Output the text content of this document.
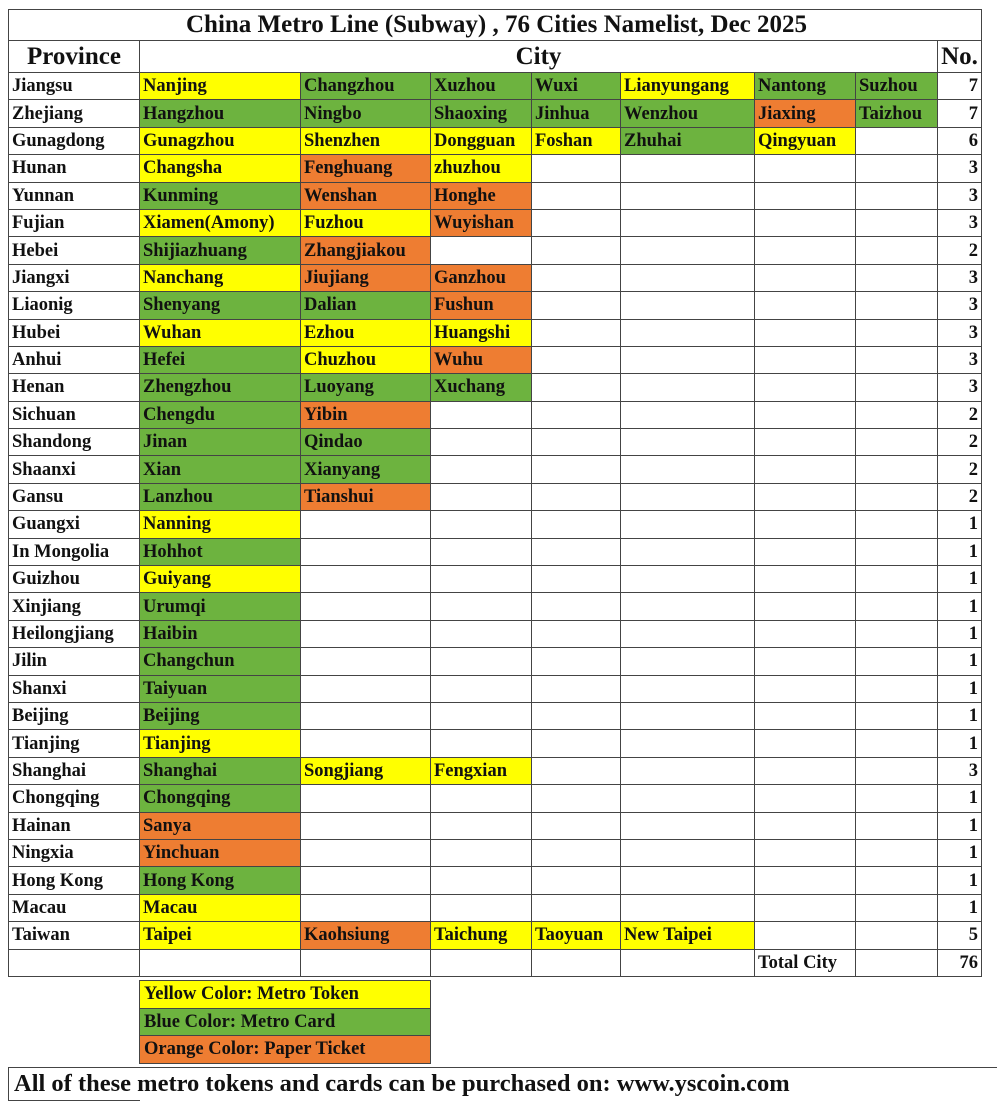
China Metro Line (Subway) , 76 Cities Namelist, Dec 2025								
Province	City							No.
Jiangsu	Nanjing	Changzhou	Xuzhou	Wuxi	Lianyungang	Nantong	Suzhou	7
Zhejiang	Hangzhou	Ningbo	Shaoxing	Jinhua	Wenzhou	Jiaxing	Taizhou	7
Gunagdong	Gunagzhou	Shenzhen	Dongguan	Foshan	Zhuhai	Qingyuan		6
Hunan	Changsha	Fenghuang	zhuzhou					3
Yunnan	Kunming	Wenshan	Honghe					3
Fujian	Xiamen(Amony)	Fuzhou	Wuyishan					3
Hebei	Shijiazhuang	Zhangjiakou						2
Jiangxi	Nanchang	Jiujiang	Ganzhou					3
Liaonig	Shenyang	Dalian	Fushun					3
Hubei	Wuhan	Ezhou	Huangshi					3
Anhui	Hefei	Chuzhou	Wuhu					3
Henan	Zhengzhou	Luoyang	Xuchang					3
Sichuan	Chengdu	Yibin						2
Shandong	Jinan	Qindao						2
Shaanxi	Xian	Xianyang						2
Gansu	Lanzhou	Tianshui						2
Guangxi	Nanning							1
In Mongolia	Hohhot							1
Guizhou	Guiyang							1
Xinjiang	Urumqi							1
Heilongjiang	Haibin							1
Jilin	Changchun							1
Shanxi	Taiyuan							1
Beijing	Beijing							1
Tianjing	Tianjing							1
Shanghai	Shanghai	Songjiang	Fengxian					3
Chongqing	Chongqing							1
Hainan	Sanya							1
Ningxia	Yinchuan							1
Hong Kong	Hong Kong							1
Macau	Macau							1
Taiwan	Taipei	Kaohsiung	Taichung	Taoyuan	New Taipei			5
						Total City		76
Yellow Color: Metro Token
Blue Color: Metro Card
Orange Color: Paper Ticket
All of these metro tokens and cards can be purchased on: www.yscoin.com
